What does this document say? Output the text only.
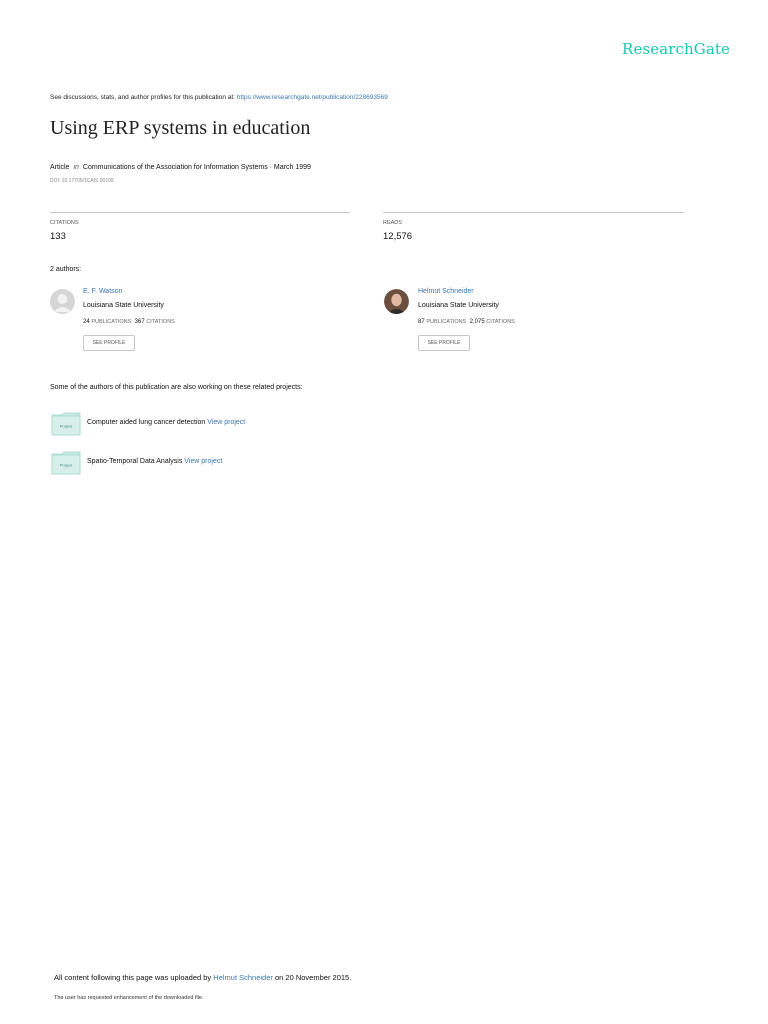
ResearchGate
See discussions, stats, and author profiles for this publication at: https://www.researchgate.net/publication/228693569
Using ERP systems in education
Article in Communications of the Association for Information Systems · March 1999
DOI: 10.17705/1CAIS.00109
CITATIONS
133
READS
12,576
2 authors:
E. F. Watson
Louisiana State University
24 PUBLICATIONS 367 CITATIONS
SEE PROFILE
Helmut Schneider
Louisiana State University
87 PUBLICATIONS 2,075 CITATIONS
SEE PROFILE
Some of the authors of this publication are also working on these related projects:
Project Computer aided lung cancer detection View project
Project Spatio-Temporal Data Analysis View project
All content following this page was uploaded by Helmut Schneider on 20 November 2015.
The user has requested enhancement of the downloaded file.
